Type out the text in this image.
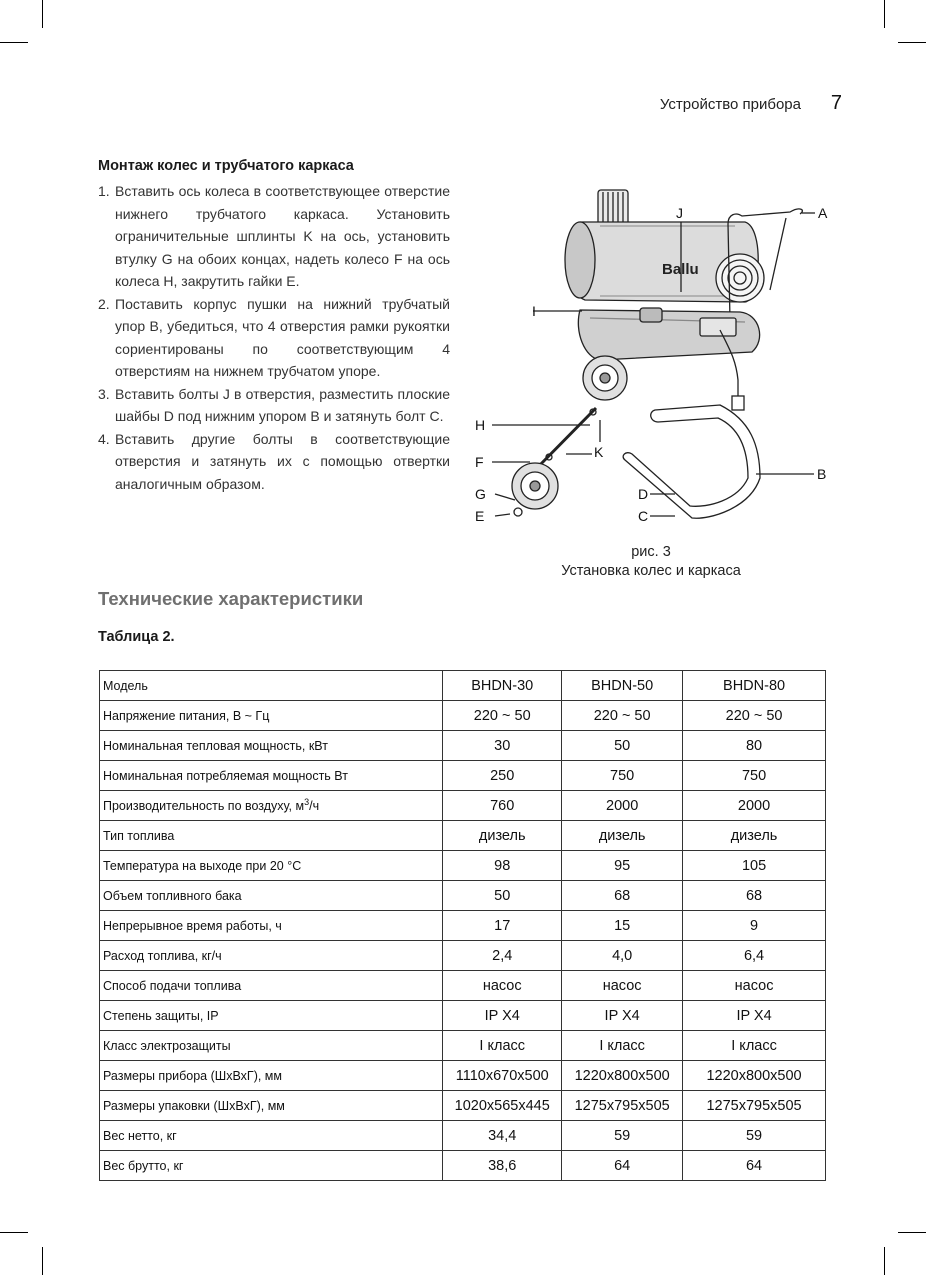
Устройство прибора 7
Монтаж колес и трубчатого каркаса
1. Вставить ось колеса в соответствующее отверстие нижнего трубчатого каркаса. Установить ограничительные шплинты K на ось, установить втулку G на обоих концах, надеть колесо F на ось колеса H, закрутить гайки E.
2. Поставить корпус пушки на нижний трубчатый упор B, убедиться, что 4 отверстия рамки рукоятки сориентированы по соответствующим 4 отверстиям на нижнем трубчатом упоре.
3. Вставить болты J в отверстия, разместить плоские шайбы D под нижним упором B и затянуть болт C.
4. Вставить другие болты в соответствующие отверстия и затянуть их с помощью отвертки аналогичным образом.
Ballu
A
B
C
D
E
F
G
H
I
J
K
рис. 3
Установка колес и каркаса
Технические характеристики
Таблица 2.
Модель	BHDN-30	BHDN-50	BHDN-80
Напряжение питания, В ~ Гц	220 ~ 50	220 ~ 50	220 ~ 50
Номинальная тепловая мощность, кВт	30	50	80
Номинальная потребляемая мощность Вт	250	750	750
Производительность по воздуху, $м^3/ч$	760	2000	2000
Тип топлива	дизель	дизель	дизель
Температура на выходе при 20 °С	98	95	105
Объем топливного бака	50	68	68
Непрерывное время работы, ч	17	15	9
Расход топлива, кг/ч	2,4	4,0	6,4
Способ подачи топлива	насос	насос	насос
Степень защиты, IP	IP X4	IP X4	IP X4
Класс электрозащиты	I класс	I класс	I класс
Размеры прибора (ШхВхГ), мм	1110x670x500	1220x800x500	1220x800x500
Размеры упаковки (ШхВхГ), мм	1020x565x445	1275x795x505	1275x795x505
Вес нетто, кг	34,4	59	59
Вес брутто, кг	38,6	64	64
